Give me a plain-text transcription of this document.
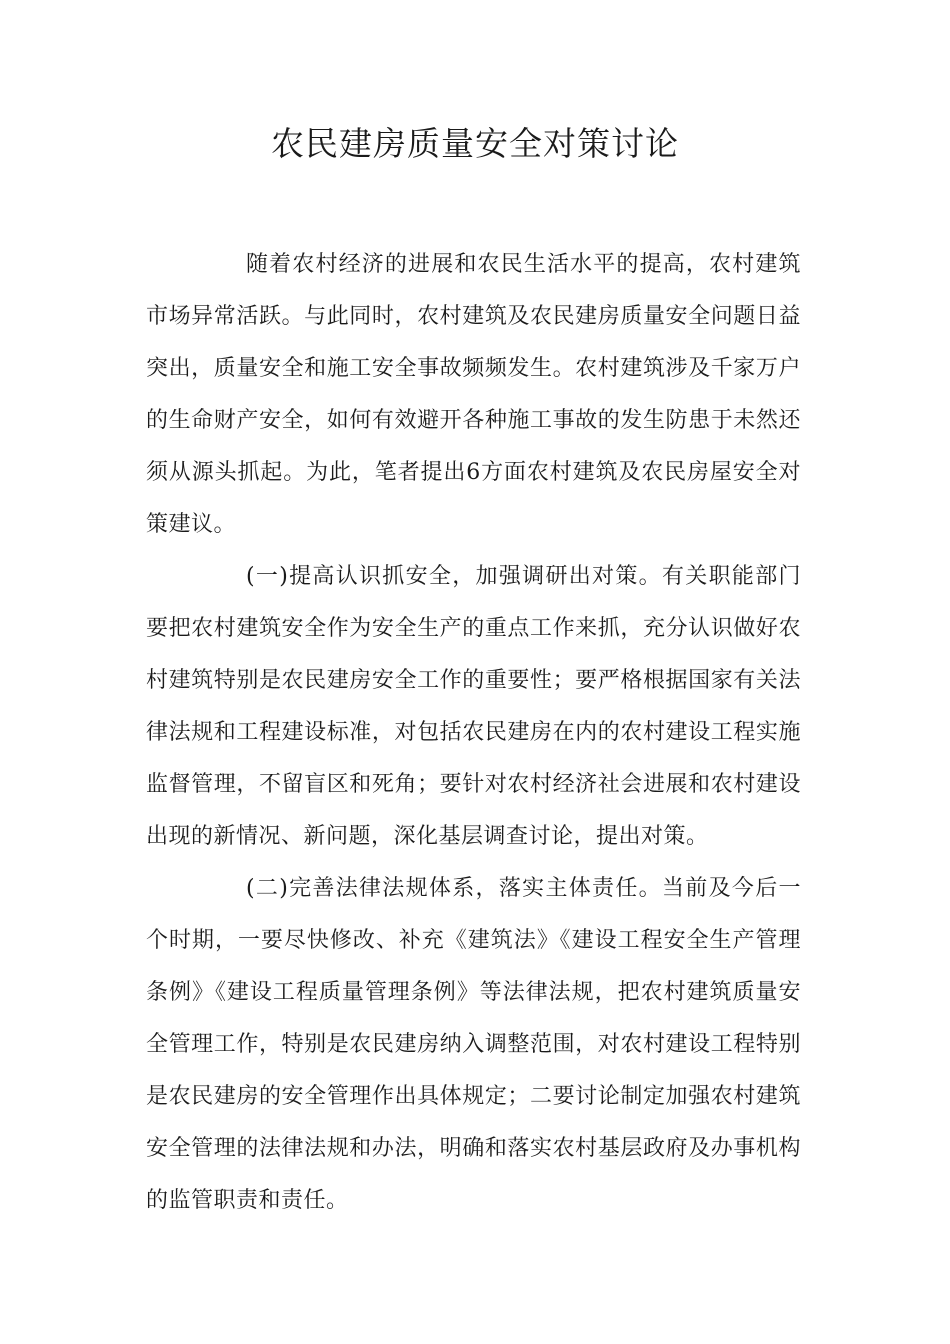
农民建房质量安全对策讨论

随着农村经济的进展和农民生活水平的提高，农村建筑市场异常活跃。与此同时，农村建筑及农民建房质量安全问题日益突出，质量安全和施工安全事故频频发生。农村建筑涉及千家万户的生命财产安全，如何有效避开各种施工事故的发生防患于未然还须从源头抓起。为此，笔者提出6方面农村建筑及农民房屋安全对策建议。

(一)提高认识抓安全，加强调研出对策。有关职能部门要把农村建筑安全作为安全生产的重点工作来抓，充分认识做好农村建筑特别是农民建房安全工作的重要性；要严格根据国家有关法律法规和工程建设标准，对包括农民建房在内的农村建设工程实施监督管理，不留盲区和死角；要针对农村经济社会进展和农村建设出现的新情况、新问题，深化基层调查讨论，提出对策。

(二)完善法律法规体系，落实主体责任。当前及今后一个时期，一要尽快修改、补充《建筑法》《建设工程安全生产管理条例》《建设工程质量管理条例》等法律法规，把农村建筑质量安全管理工作，特别是农民建房纳入调整范围，对农村建设工程特别是农民建房的安全管理作出具体规定；二要讨论制定加强农村建筑安全管理的法律法规和办法，明确和落实农村基层政府及办事机构的监管职责和责任。
